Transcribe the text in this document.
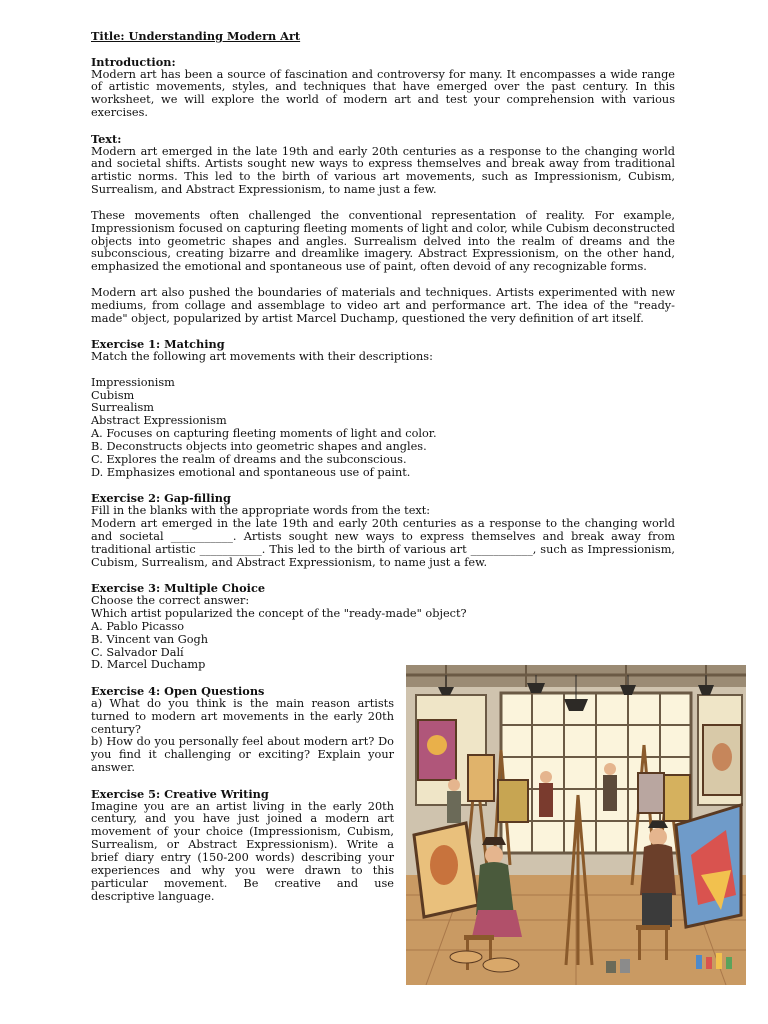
Title: Understanding Modern Art

Introduction:

Modern art has been a source of fascination and controversy for many. It encompasses a wide range of artistic movements, styles, and techniques that have emerged over the past century. In this worksheet, we will explore the world of modern art and test your comprehension with various exercises.

Text:

Modern art emerged in the late 19th and early 20th centuries as a response to the changing world and societal shifts. Artists sought new ways to express themselves and break away from traditional artistic norms. This led to the birth of various art movements, such as Impressionism, Cubism, Surrealism, and Abstract Expressionism, to name just a few.

These movements often challenged the conventional representation of reality. For example, Impressionism focused on capturing fleeting moments of light and color, while Cubism deconstructed objects into geometric shapes and angles. Surrealism delved into the realm of dreams and the subconscious, creating bizarre and dreamlike imagery. Abstract Expressionism, on the other hand, emphasized the emotional and spontaneous use of paint, often devoid of any recognizable forms.

Modern art also pushed the boundaries of materials and techniques. Artists experimented with new mediums, from collage and assemblage to video art and performance art. The idea of the "ready-made" object, popularized by artist Marcel Duchamp, questioned the very definition of art itself.

Exercise 1: Matching

Match the following art movements with their descriptions:

Impressionism
Cubism
Surrealism
Abstract Expressionism
A. Focuses on capturing fleeting moments of light and color.
B. Deconstructs objects into geometric shapes and angles.
C. Explores the realm of dreams and the subconscious.
D. Emphasizes emotional and spontaneous use of paint.

Exercise 2: Gap-filling

Fill in the blanks with the appropriate words from the text:

Modern art emerged in the late 19th and early 20th centuries as a response to the changing world and societal ___________. Artists sought new ways to express themselves and break away from traditional artistic ___________. This led to the birth of various art ___________, such as Impressionism, Cubism, Surrealism, and Abstract Expressionism, to name just a few.

Exercise 3: Multiple Choice

Choose the correct answer:
Which artist popularized the concept of the "ready-made" object?
A. Pablo Picasso
B. Vincent van Gogh
C. Salvador Dalí
D. Marcel Duchamp

Exercise 4: Open Questions

a) What do you think is the main reason artists turned to modern art movements in the early 20th century?

b) How do you personally feel about modern art? Do you find it challenging or exciting? Explain your answer.

Exercise 5: Creative Writing

Imagine you are an artist living in the early 20th century, and you have just joined a modern art movement of your choice (Impressionism, Cubism, Surrealism, or Abstract Expressionism). Write a brief diary entry (150-200 words) describing your experiences and why you were drawn to this particular movement. Be creative and use descriptive language.
